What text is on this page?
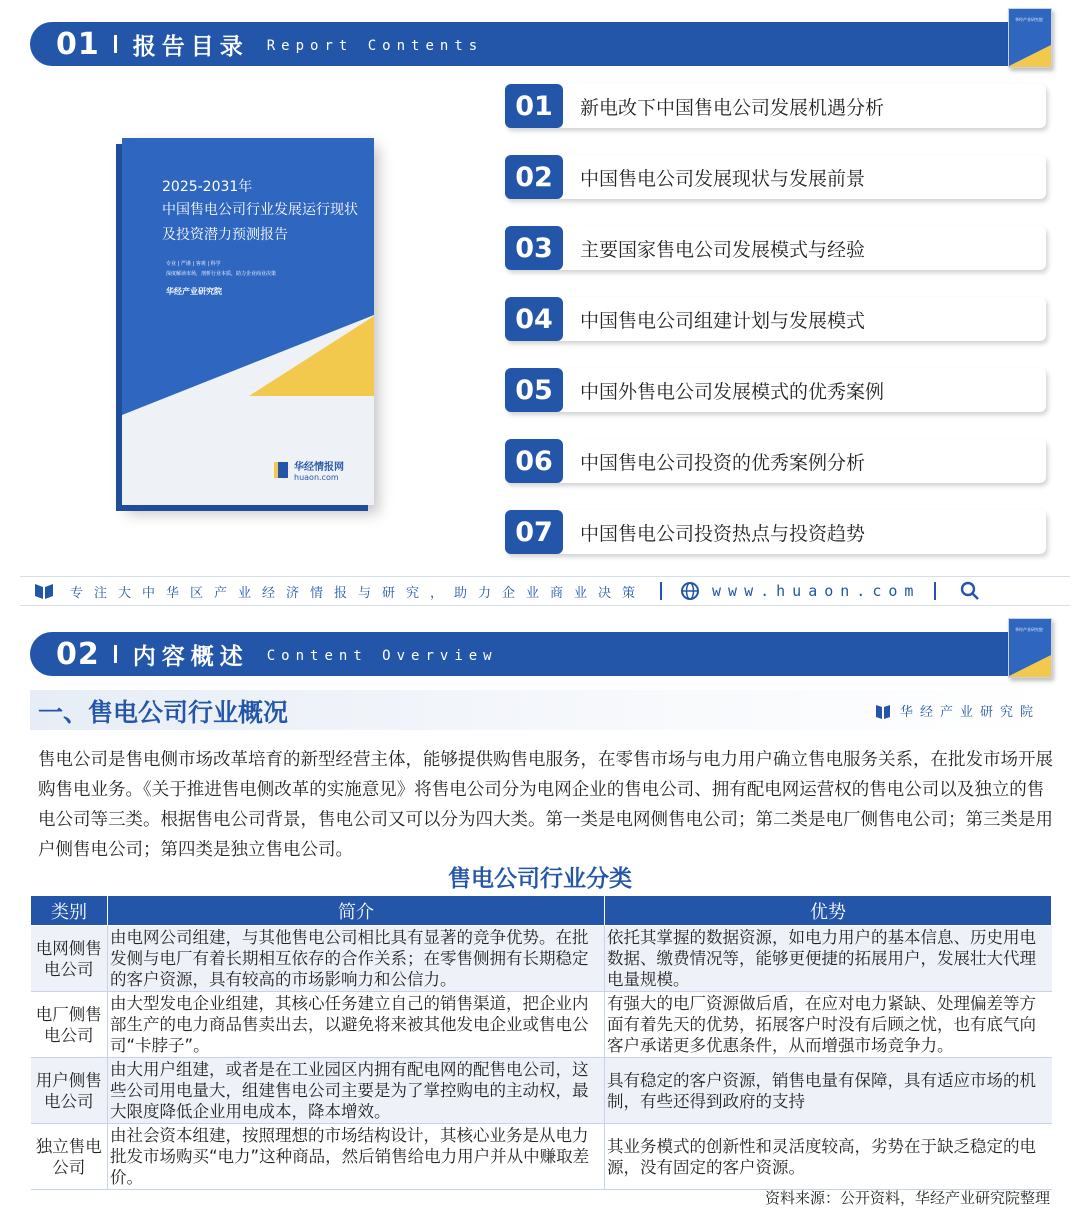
01 报告目录 Report Contents
华经产业研究院
2025-2031年
中国售电公司行业发展运行现状及投资潜力预测报告
专业 | 严谨 | 客观 | 科学
深度解读市场，剖析行业本质，助力企业商业决策
华经产业研究院
华经情报网
huaon.com
01	新电改下中国售电公司发展机遇分析
02	中国售电公司发展现状与发展前景
03	主要国家售电公司发展模式与经验
04	中国售电公司组建计划与发展模式
05	中国外售电公司发展模式的优秀案例
06	中国售电公司投资的优秀案例分析
07	中国售电公司投资热点与投资趋势
专注大中华区产业经济情报与研究，助力企业商业决策	www.huaon.com
02 内容概述 Content Overview
华经产业研究院
一、售电公司行业概况	华经产业研究院
售电公司是售电侧市场改革培育的新型经营主体，能够提供购售电服务，在零售市场与电力用户确立售电服务关系，在批发市场开展购售电业务。《关于推进售电侧改革的实施意见》将售电公司分为电网企业的售电公司、拥有配电网运营权的售电公司以及独立的售电公司等三类。根据售电公司背景，售电公司又可以分为四大类。第一类是电网侧售电公司；第二类是电厂侧售电公司；第三类是用户侧售电公司；第四类是独立售电公司。
售电公司行业分类
类别	简介	优势
电网侧售电公司	由电网公司组建，与其他售电公司相比具有显著的竞争优势。在批发侧与电厂有着长期相互依存的合作关系；在零售侧拥有长期稳定的客户资源，具有较高的市场影响力和公信力。	依托其掌握的数据资源，如电力用户的基本信息、历史用电数据、缴费情况等，能够更便捷的拓展用户，发展壮大代理电量规模。
电厂侧售电公司	由大型发电企业组建，其核心任务建立自己的销售渠道，把企业内部生产的电力商品售卖出去，以避免将来被其他发电企业或售电公司“卡脖子”。	有强大的电厂资源做后盾，在应对电力紧缺、处理偏差等方面有着先天的优势，拓展客户时没有后顾之忧，也有底气向客户承诺更多优惠条件，从而增强市场竞争力。
用户侧售电公司	由大用户组建，或者是在工业园区内拥有配电网的配售电公司，这些公司用电量大，组建售电公司主要是为了掌控购电的主动权，最大限度降低企业用电成本，降本增效。	具有稳定的客户资源，销售电量有保障，具有适应市场的机制，有些还得到政府的支持
独立售电公司	由社会资本组建，按照理想的市场结构设计，其核心业务是从电力批发市场购买“电力”这种商品，然后销售给电力用户并从中赚取差价。	其业务模式的创新性和灵活度较高，劣势在于缺乏稳定的电源，没有固定的客户资源。
资料来源：公开资料，华经产业研究院整理
